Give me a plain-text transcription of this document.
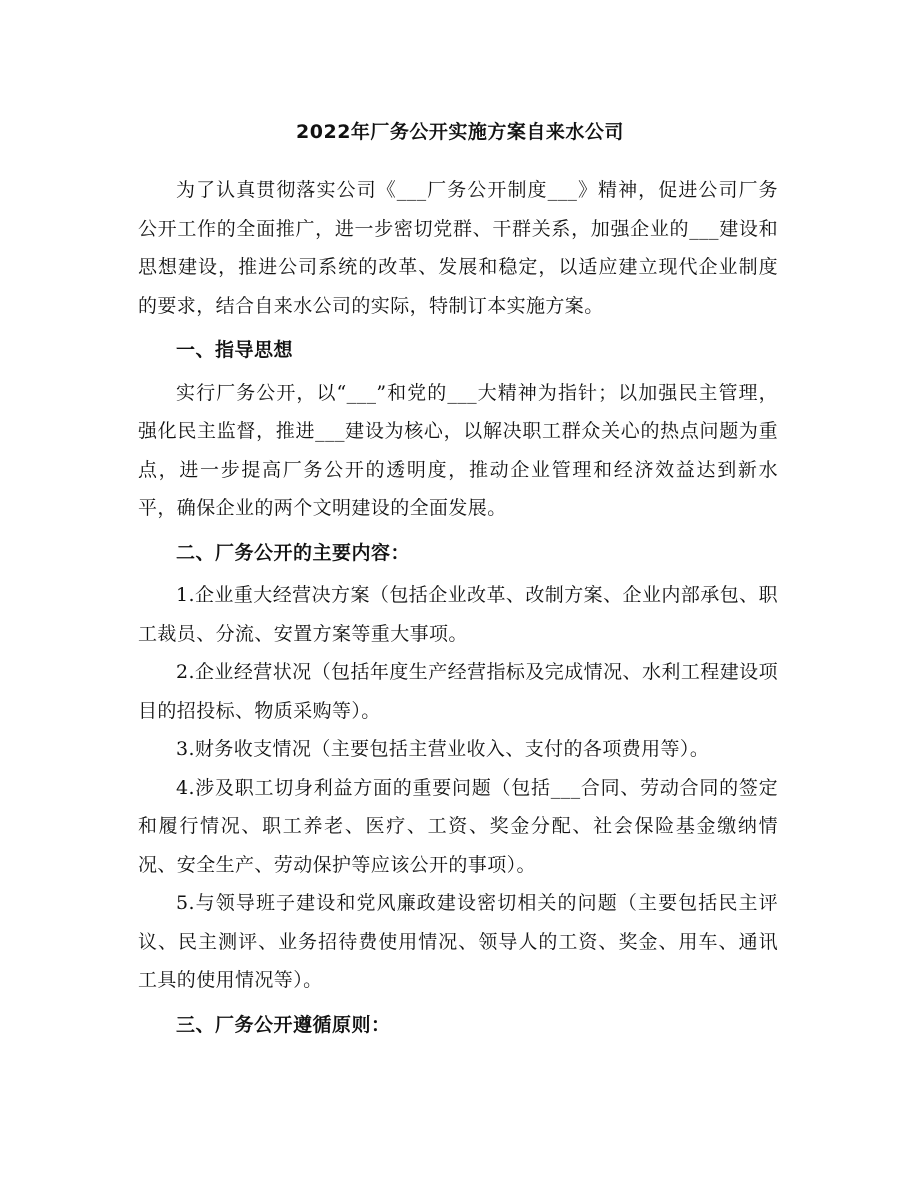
2022年厂务公开实施方案自来水公司

为了认真贯彻落实公司《___厂务公开制度___》精神，促进公司厂务公开工作的全面推广，进一步密切党群、干群关系，加强企业的___建设和思想建设，推进公司系统的改革、发展和稳定，以适应建立现代企业制度的要求，结合自来水公司的实际，特制订本实施方案。

一、指导思想

实行厂务公开，以“___”和党的___大精神为指针；以加强民主管理，强化民主监督，推进___建设为核心，以解决职工群众关心的热点问题为重点，进一步提高厂务公开的透明度，推动企业管理和经济效益达到新水平，确保企业的两个文明建设的全面发展。

二、厂务公开的主要内容：

1.企业重大经营决方案（包括企业改革、改制方案、企业内部承包、职工裁员、分流、安置方案等重大事项。

2.企业经营状况（包括年度生产经营指标及完成情况、水利工程建设项目的招投标、物质采购等）。

3.财务收支情况（主要包括主营业收入、支付的各项费用等）。

4.涉及职工切身利益方面的重要问题（包括___合同、劳动合同的签定和履行情况、职工养老、医疗、工资、奖金分配、社会保险基金缴纳情况、安全生产、劳动保护等应该公开的事项）。

5.与领导班子建设和党风廉政建设密切相关的问题（主要包括民主评议、民主测评、业务招待费使用情况、领导人的工资、奖金、用车、通讯工具的使用情况等）。

三、厂务公开遵循原则：
